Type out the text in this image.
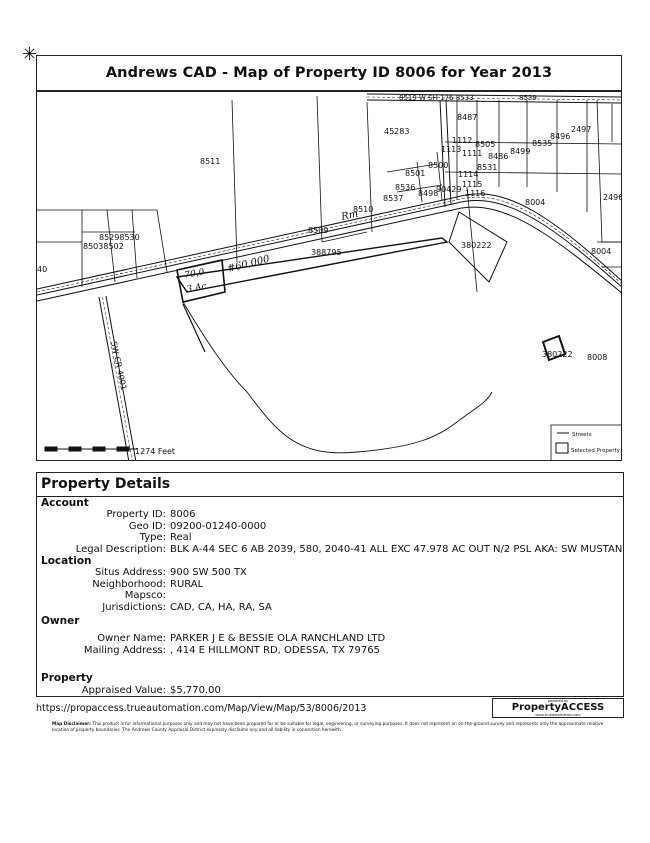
✳
Andrews CAD - Map of Property ID 8006 for Year 2013
1274 Feet
Streets
Selected Property
8511
45283
8519 W SH 176 8533	8539
8487
2497
8496
8535
8499
8486
8505
1112
1113 1111
8531
8500
1114
8501
1115
8536	90429
8498
8537
1116
8004
2496
8510
8509
388795
380222
8004
85298530
85038502
380222 8008
40
SW CR 4001
#60,000
70,0
3 Ac
Rm
Property Details
Account
Property ID: 8006
Geo ID: 09200-01240-0000
Type: Real
Legal Description: BLK A-44 SEC 6 AB 2039, 580, 2040-41 ALL EXC 47.978 AC OUT N/2 PSL AKA: SW MUSTAN
Location
Situs Address: 900 SW 500 TX
Neighborhood: RURAL
Mapsco:
Jurisdictions: CAD, CA, HA, RA, SA
Owner
Owner Name: PARKER J E & BESSIE OLA RANCHLAND LTD
Mailing Address: , 414 E HILLMONT RD, ODESSA, TX 79765
Property
Appraised Value: $5,770.00
https://propaccess.trueautomation.com/Map/View/Map/53/8006/2013
powered by
PropertyACCESS
www.trueautomation.com
Map Disclaimer: This product is for informational purposes only and may not have been prepared for or be suitable for legal, engineering, or surveying purposes. It does not represent an on-the-ground survey and represents only the approximate relative location of property boundaries. The Andrews County Appraisal District expressly disclaims any and all liability in connection herewith.
